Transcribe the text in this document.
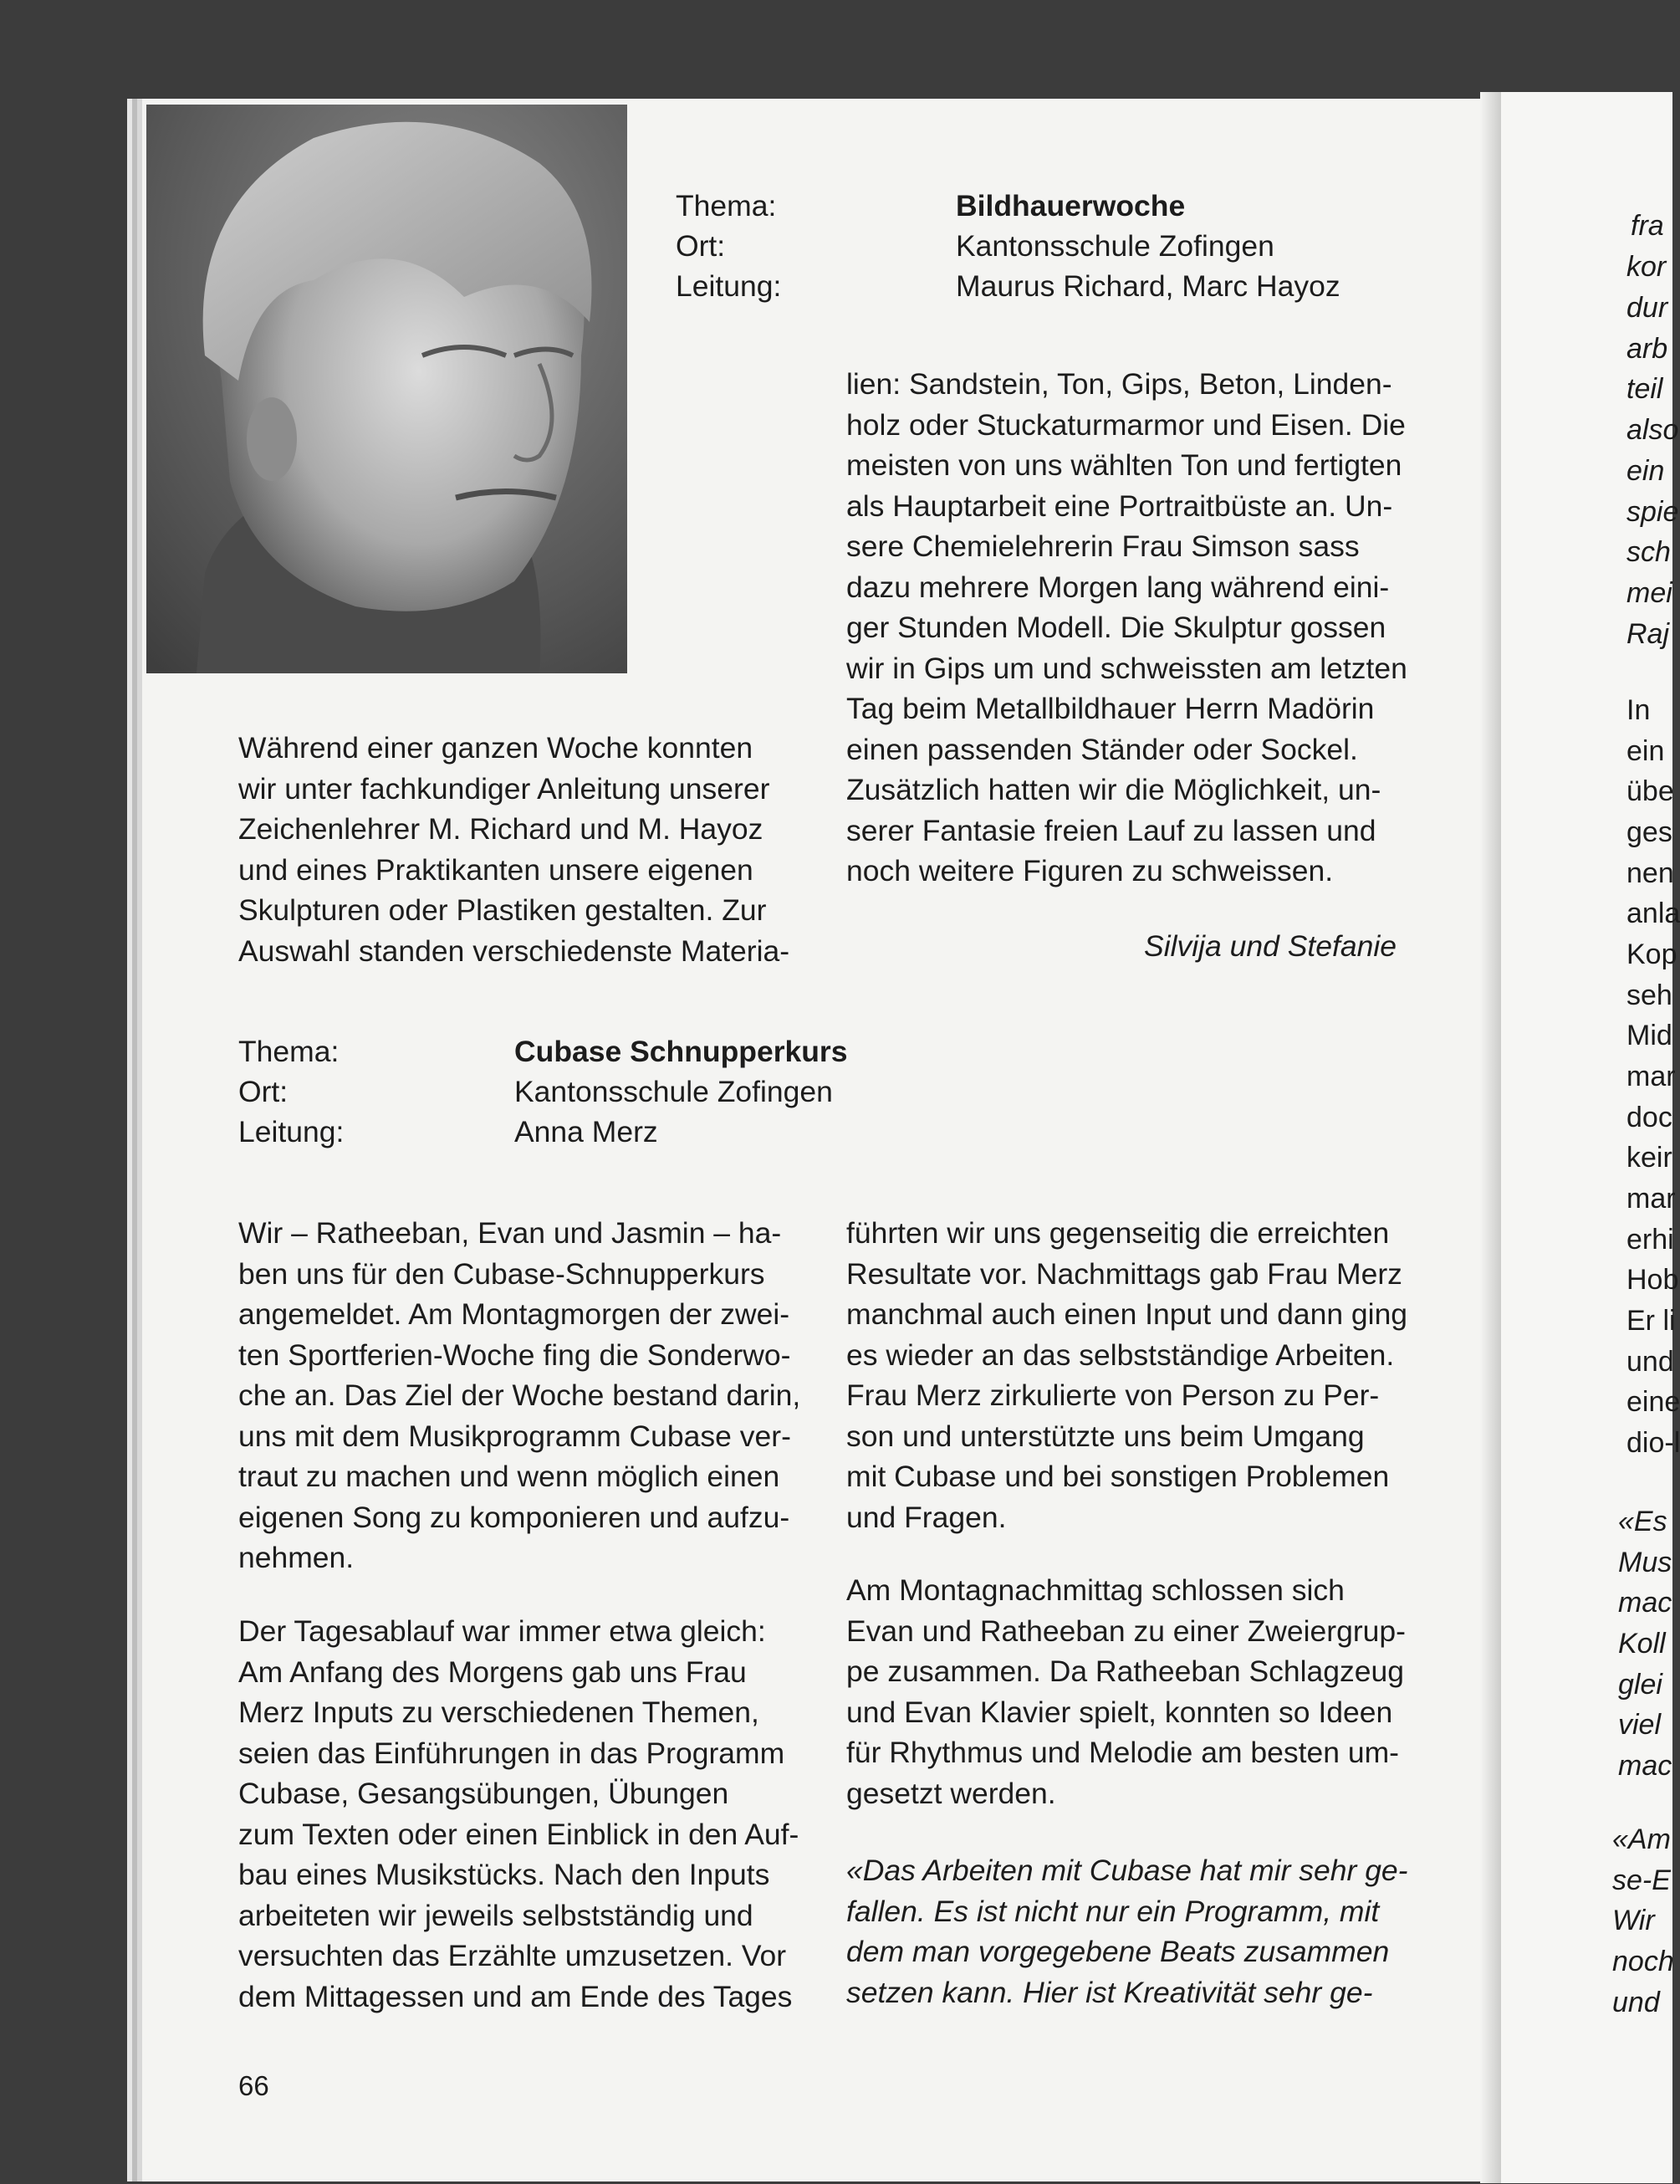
Thema:
Ort:
Leitung:
Bildhauerwoche
Kantonsschule Zofingen
Maurus Richard, Marc Hayoz
Während einer ganzen Woche konnten
wir unter fachkundiger Anleitung unserer
Zeichenlehrer M. Richard und M. Hayoz
und eines Praktikanten unsere eigenen
Skulpturen oder Plastiken gestalten. Zur
Auswahl standen verschiedenste Materia-
lien: Sandstein, Ton, Gips, Beton, Linden-
holz oder Stuckaturmarmor und Eisen. Die
meisten von uns wählten Ton und fertigten
als Hauptarbeit eine Portraitbüste an. Un-
sere Chemielehrerin Frau Simson sass
dazu mehrere Morgen lang während eini-
ger Stunden Modell. Die Skulptur gossen
wir in Gips um und schweissten am letzten
Tag beim Metallbildhauer Herrn Madörin
einen passenden Ständer oder Sockel.
Zusätzlich hatten wir die Möglichkeit, un-
serer Fantasie freien Lauf zu lassen und
noch weitere Figuren zu schweissen.
Silvija und Stefanie
Thema:
Ort:
Leitung:
Cubase Schnupperkurs
Kantonsschule Zofingen
Anna Merz
Wir – Ratheeban, Evan und Jasmin – ha-
ben uns für den Cubase-Schnupperkurs
angemeldet. Am Montagmorgen der zwei-
ten Sportferien-Woche fing die Sonderwo-
che an. Das Ziel der Woche bestand darin,
uns mit dem Musikprogramm Cubase ver-
traut zu machen und wenn möglich einen
eigenen Song zu komponieren und aufzu-
nehmen.
Der Tagesablauf war immer etwa gleich:
Am Anfang des Morgens gab uns Frau
Merz Inputs zu verschiedenen Themen,
seien das Einführungen in das Programm
Cubase, Gesangsübungen, Übungen
zum Texten oder einen Einblick in den Auf-
bau eines Musikstücks. Nach den Inputs
arbeiteten wir jeweils selbstständig und
versuchten das Erzählte umzusetzen. Vor
dem Mittagessen und am Ende des Tages
führten wir uns gegenseitig die erreichten
Resultate vor. Nachmittags gab Frau Merz
manchmal auch einen Input und dann ging
es wieder an das selbstständige Arbeiten.
Frau Merz zirkulierte von Person zu Per-
son und unterstützte uns beim Umgang
mit Cubase und bei sonstigen Problemen
und Fragen.
Am Montagnachmittag schlossen sich
Evan und Ratheeban zu einer Zweiergrup-
pe zusammen. Da Ratheeban Schlagzeug
und Evan Klavier spielt, konnten so Ideen
für Rhythmus und Melodie am besten um-
gesetzt werden.
«Das Arbeiten mit Cubase hat mir sehr ge-
fallen. Es ist nicht nur ein Programm, mit
dem man vorgegebene Beats zusammen
setzen kann. Hier ist Kreativität sehr ge-
66
fra
kor
dur
arb
teil
also
ein
spie
sch
mei
Raj
In
ein
übe
ges
nen
anla
Kop
seh
Mid
mar
doc
keir
mar
erhi
Hob
Er li
und
eine
dio-l
«Es
Mus
mac
Koll
glei
viel
mac
«Am
se-E
Wir
noch
und
